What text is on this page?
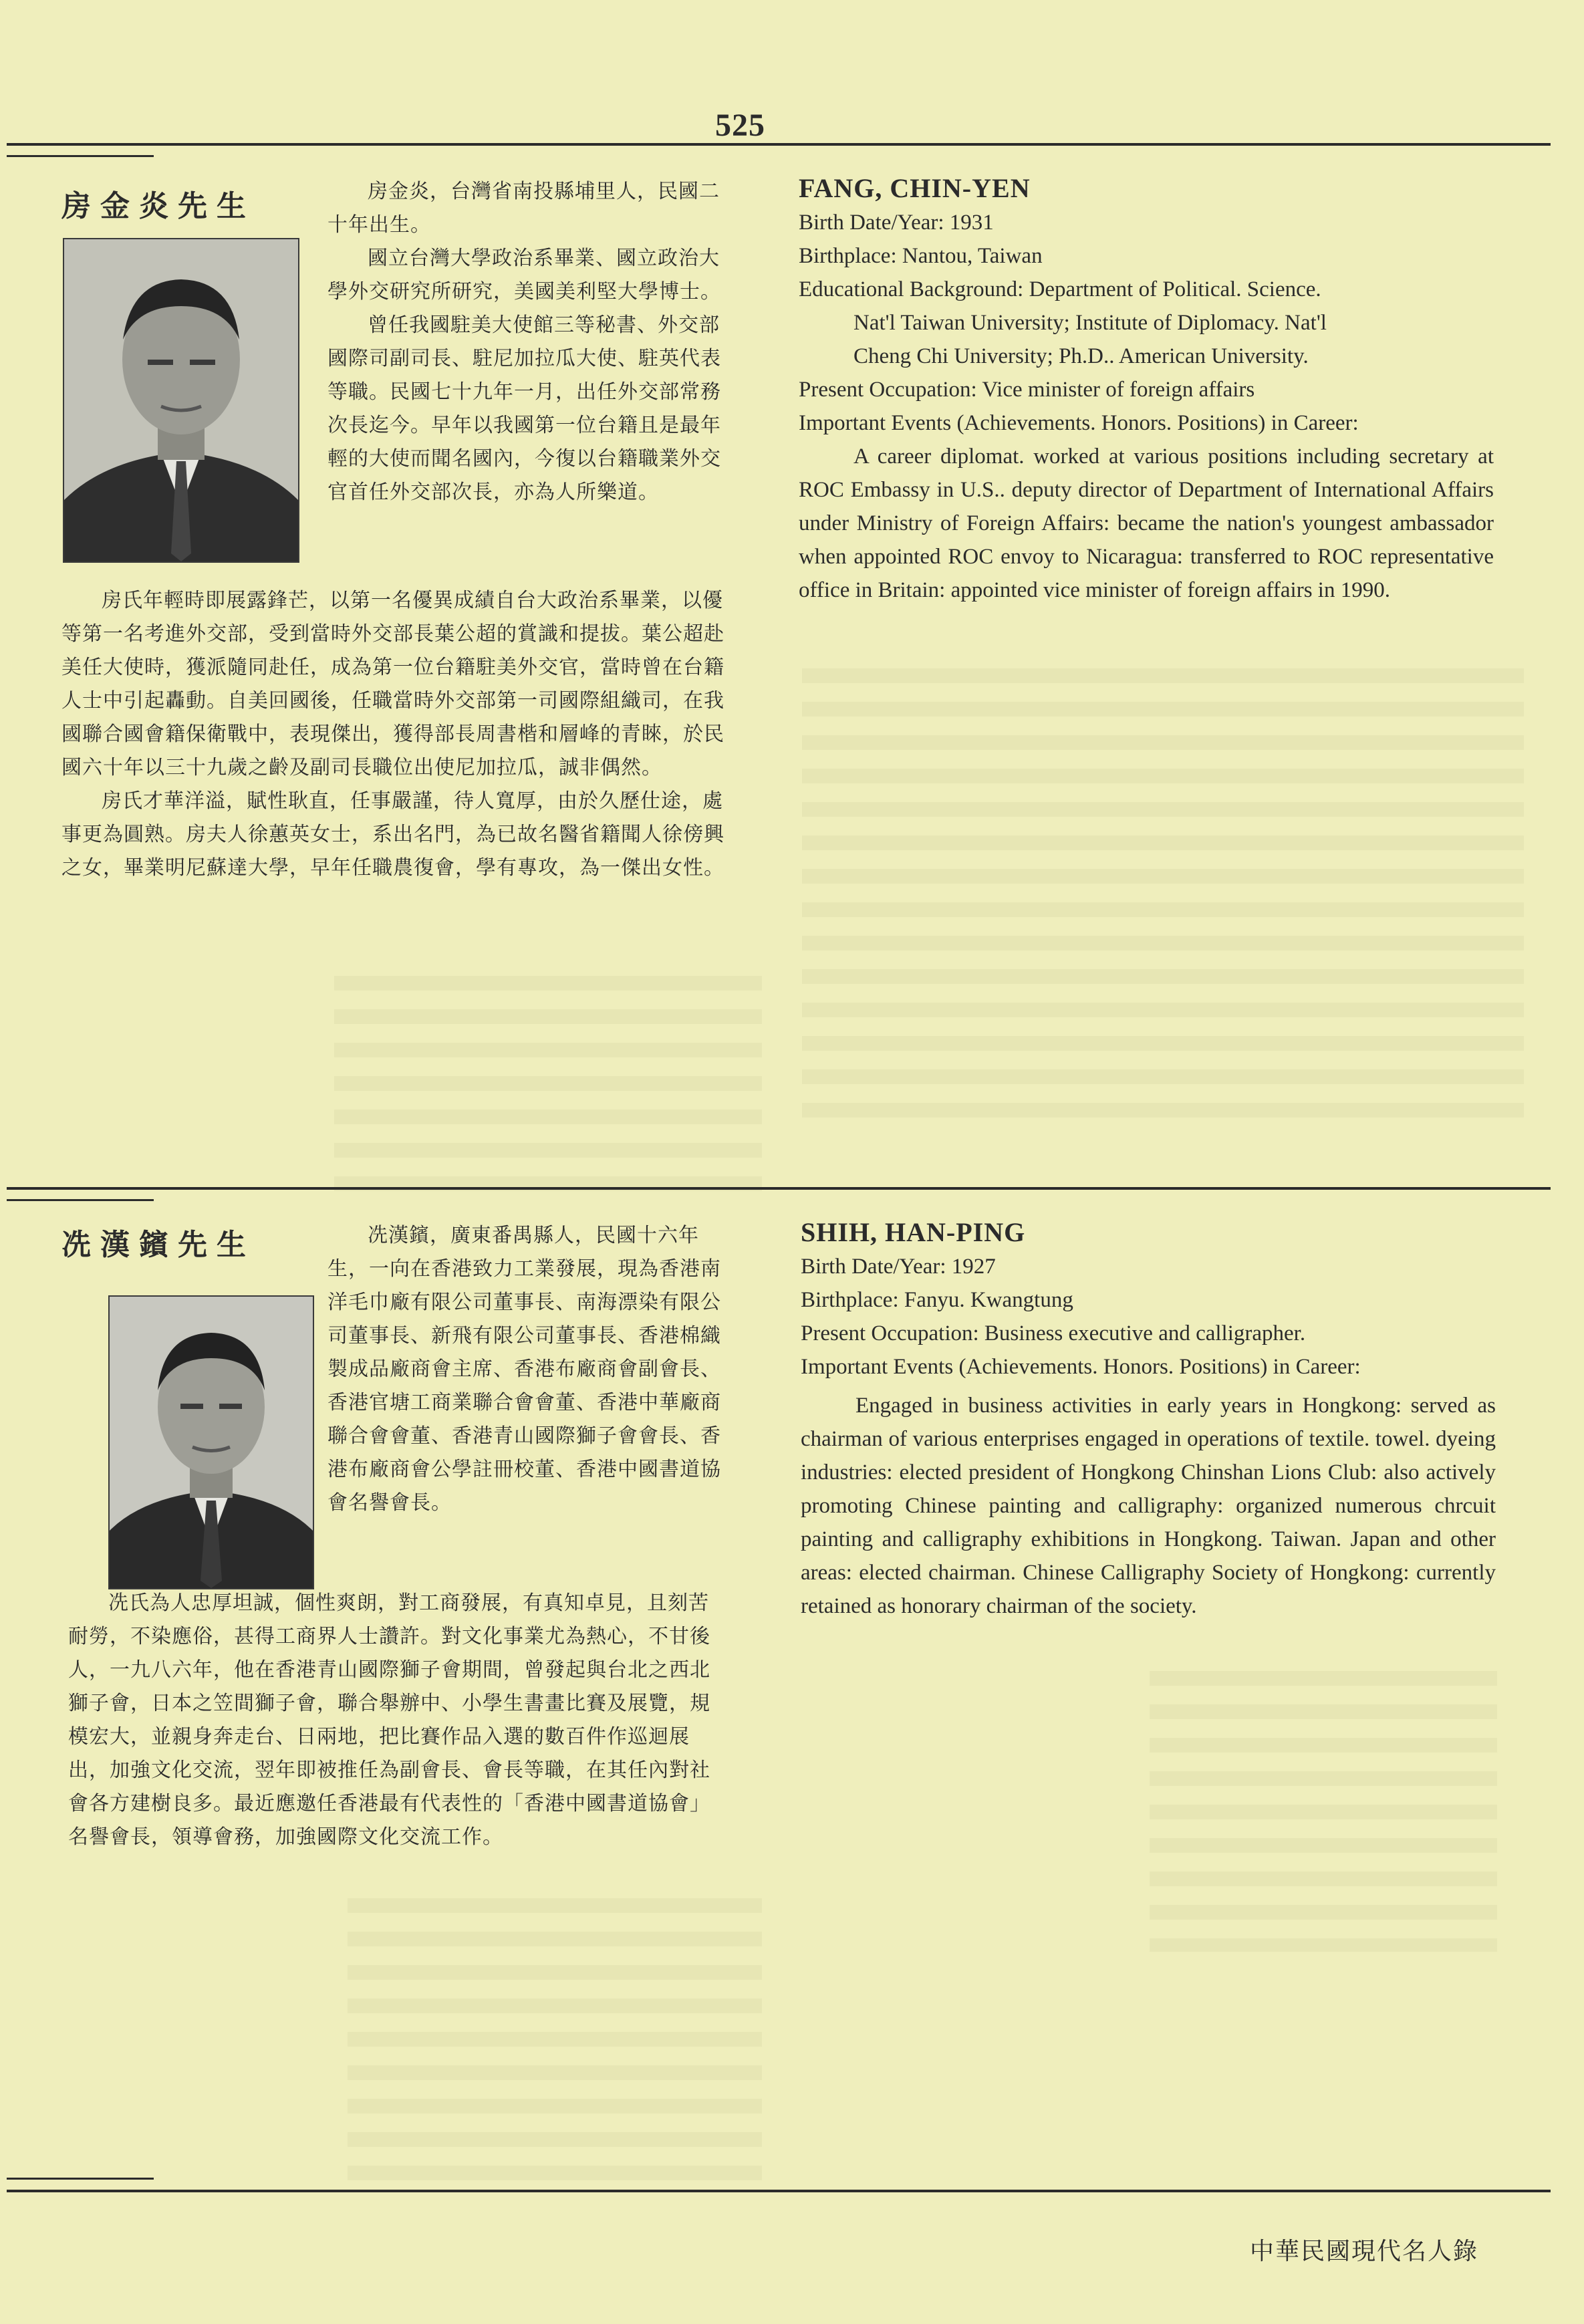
525
房金炎先生	房金炎，台灣省南投縣埔里人，民國二十年出生。

國立台灣大學政治系畢業、國立政治大學外交研究所研究，美國美利堅大學博士。

曾任我國駐美大使館三等秘書、外交部國際司副司長、駐尼加拉瓜大使、駐英代表等職。民國七十九年一月，出任外交部常務次長迄今。早年以我國第一位台籍且是最年輕的大使而聞名國內，今復以台籍職業外交官首任外交部次長，亦為人所樂道。

房氏年輕時即展露鋒芒，以第一名優異成績自台大政治系畢業，以優等第一名考進外交部，受到當時外交部長葉公超的賞識和提拔。葉公超赴美任大使時，獲派隨同赴任，成為第一位台籍駐美外交官，當時曾在台籍人士中引起轟動。自美回國後，任職當時外交部第一司國際組織司，在我國聯合國會籍保衛戰中，表現傑出，獲得部長周書楷和層峰的青睞，於民國六十年以三十九歲之齡及副司長職位出使尼加拉瓜，誠非偶然。

房氏才華洋溢，賦性耿直，任事嚴謹，待人寬厚，由於久歷仕途，處事更為圓熟。房夫人徐蕙英女士，系出名門，為已故名醫省籍聞人徐傍興之女，畢業明尼蘇達大學，早年任職農復會，學有專攻，為一傑出女性。

FANG, CHIN-YEN
Birth Date/Year: 1931
Birthplace: Nantou, Taiwan
Educational Background: Department of Political. Science.
Nat'l Taiwan University; Institute of Diplomacy. Nat'l
Cheng Chi University; Ph.D.. American University.
Present Occupation: Vice minister of foreign affairs
Important Events (Achievements. Honors. Positions) in Career:

A career diplomat. worked at various positions including secretary at ROC Embassy in U.S.. deputy director of Department of International Affairs under Ministry of Foreign Affairs: became the nation's youngest ambassador when appointed ROC envoy to Nicaragua: transferred to ROC representative office in Britain: appointed vice minister of foreign affairs in 1990.

冼漢鑌先生	冼漢鑌，廣東番禺縣人，民國十六年生，一向在香港致力工業發展，現為香港南洋毛巾廠有限公司董事長、南海漂染有限公司董事長、新飛有限公司董事長、香港棉織製成品廠商會主席、香港布廠商會副會長、香港官塘工商業聯合會會董、香港中華廠商聯合會會董、香港青山國際獅子會會長、香港布廠商會公學註冊校董、香港中國書道協會名譽會長。

冼氏為人忠厚坦誠，個性爽朗，對工商發展，有真知卓見，且刻苦耐勞，不染應俗，甚得工商界人士讚許。對文化事業尤為熱心，不甘後人，一九八六年，他在香港青山國際獅子會期間，曾發起與台北之西北獅子會，日本之笠間獅子會，聯合舉辦中、小學生書畫比賽及展覽，規模宏大，並親身奔走台、日兩地，把比賽作品入選的數百件作巡迴展出，加強文化交流，翌年即被推任為副會長、會長等職，在其任內對社會各方建樹良多。最近應邀任香港最有代表性的「香港中國書道協會」名譽會長，領導會務，加強國際文化交流工作。

SHIH, HAN-PING
Birth Date/Year: 1927
Birthplace: Fanyu. Kwangtung
Present Occupation: Business executive and calligrapher.
Important Events (Achievements. Honors. Positions) in Career:

Engaged in business activities in early years in Hongkong: served as chairman of various enterprises engaged in operations of textile. towel. dyeing industries: elected president of Hongkong Chinshan Lions Club: also actively promoting Chinese painting and calligraphy: organized numerous chrcuit painting and calligraphy exhibitions in Hongkong. Taiwan. Japan and other areas: elected chairman. Chinese Calligraphy Society of Hongkong: currently retained as honorary chairman of the society.

中華民國現代名人錄
